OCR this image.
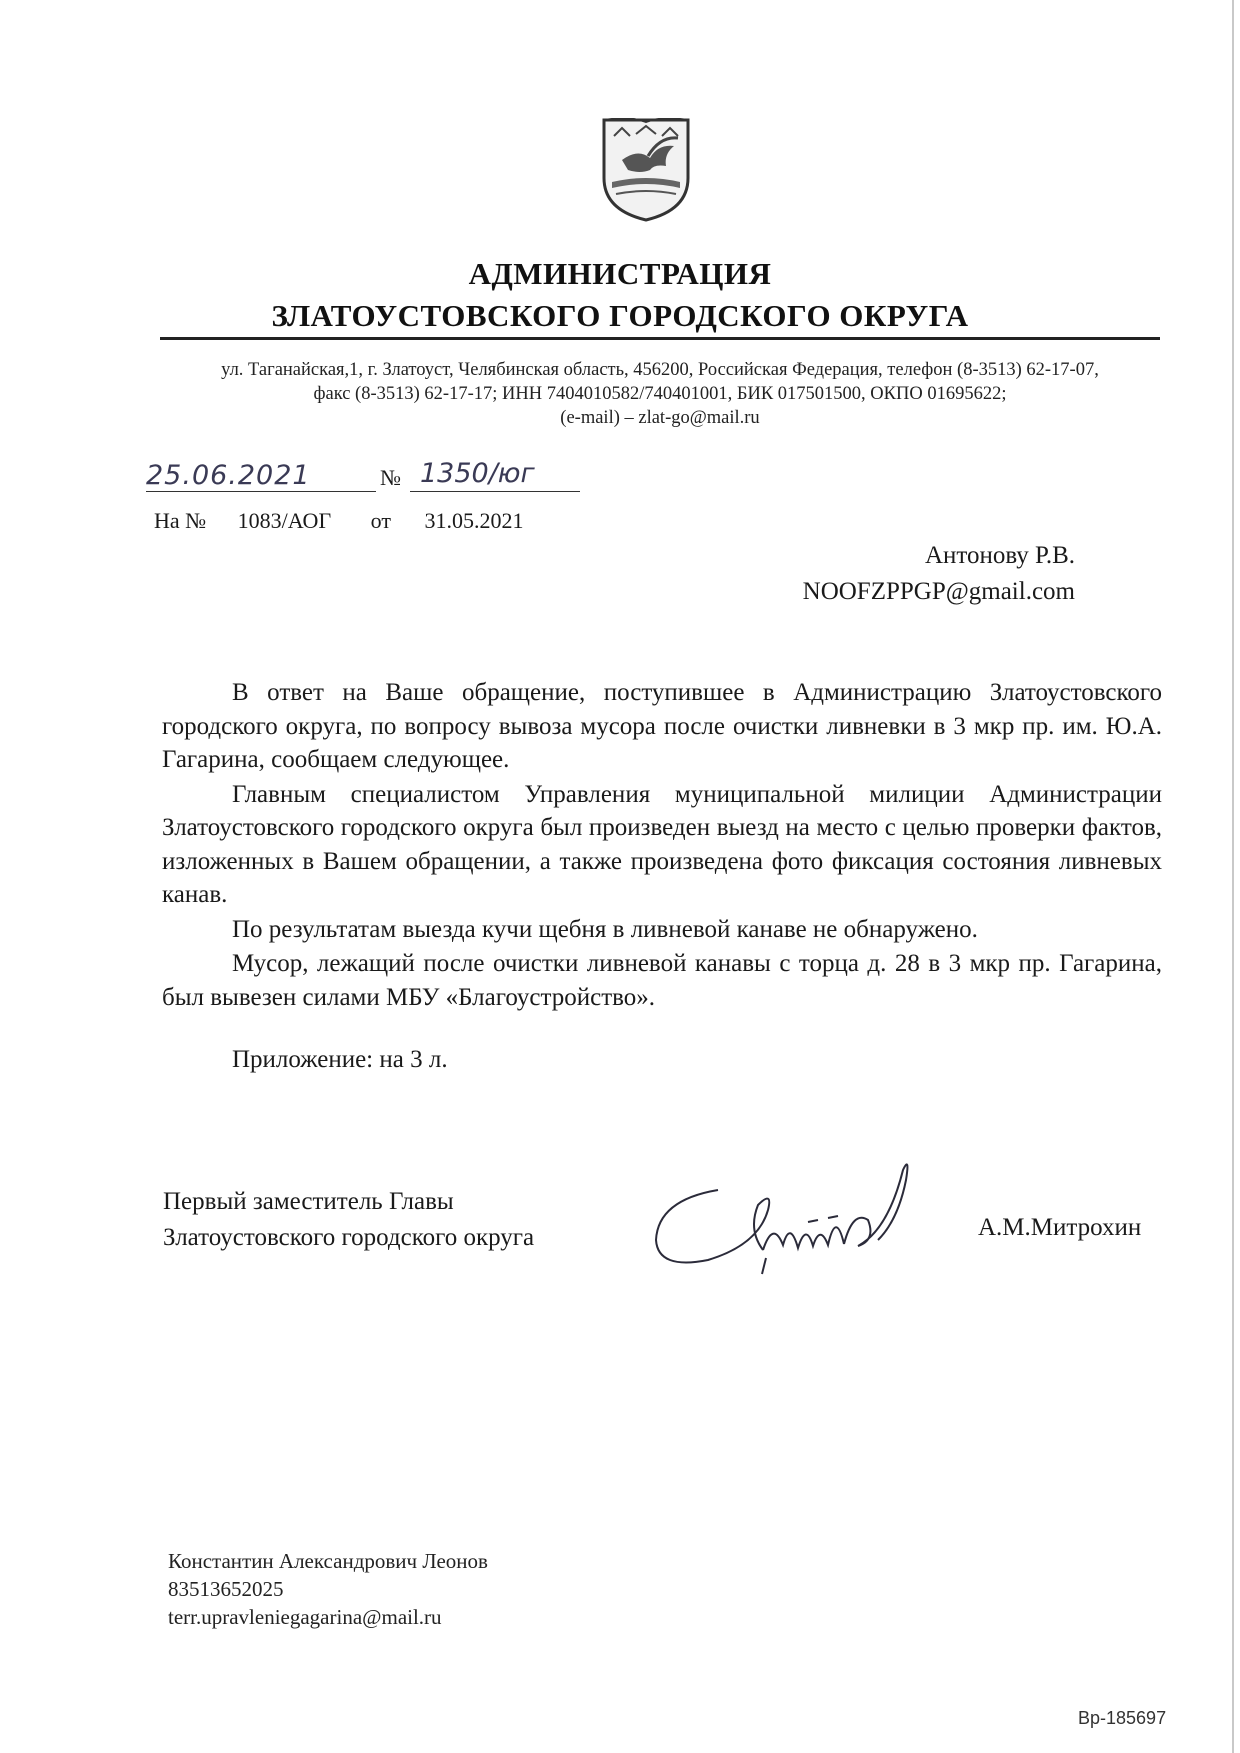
АДМИНИСТРАЦИЯ
ЗЛАТОУСТОВСКОГО ГОРОДСКОГО ОКРУГА
ул. Таганайская,1, г. Златоуст, Челябинская область, 456200, Российская Федерация, телефон (8-3513) 62-17-07,
факс (8-3513) 62-17-17; ИНН 7404010582/740401001, БИК 017501500, ОКПО 01695622;
(e-mail) – zlat-go@mail.ru
25.06.2021	№ 1350/юг
На № 1083/АОГ от 31.05.2021
Антонову Р.В.
NOOFZPPGP@gmail.com

В ответ на Ваше обращение, поступившее в Администрацию Златоустовского городского округа, по вопросу вывоза мусора после очистки ливневки в 3 мкр пр. им. Ю.А. Гагарина, сообщаем следующее.

Главным специалистом Управления муниципальной милиции Администрации Златоустовского городского округа был произведен выезд на место с целью проверки фактов, изложенных в Вашем обращении, а также произведена фото фиксация состояния ливневых канав.

По результатам выезда кучи щебня в ливневой канаве не обнаружено.

Мусор, лежащий после очистки ливневой канавы с торца д. 28 в 3 мкр пр. Гагарина, был вывезен силами МБУ «Благоустройство».

Приложение: на 3 л.
Первый заместитель Главы
Златоустовского городского округа	А.М.Митрохин
Константин Александрович Леонов
83513652025
terr.upravleniegagarina@mail.ru
Вр-185697
